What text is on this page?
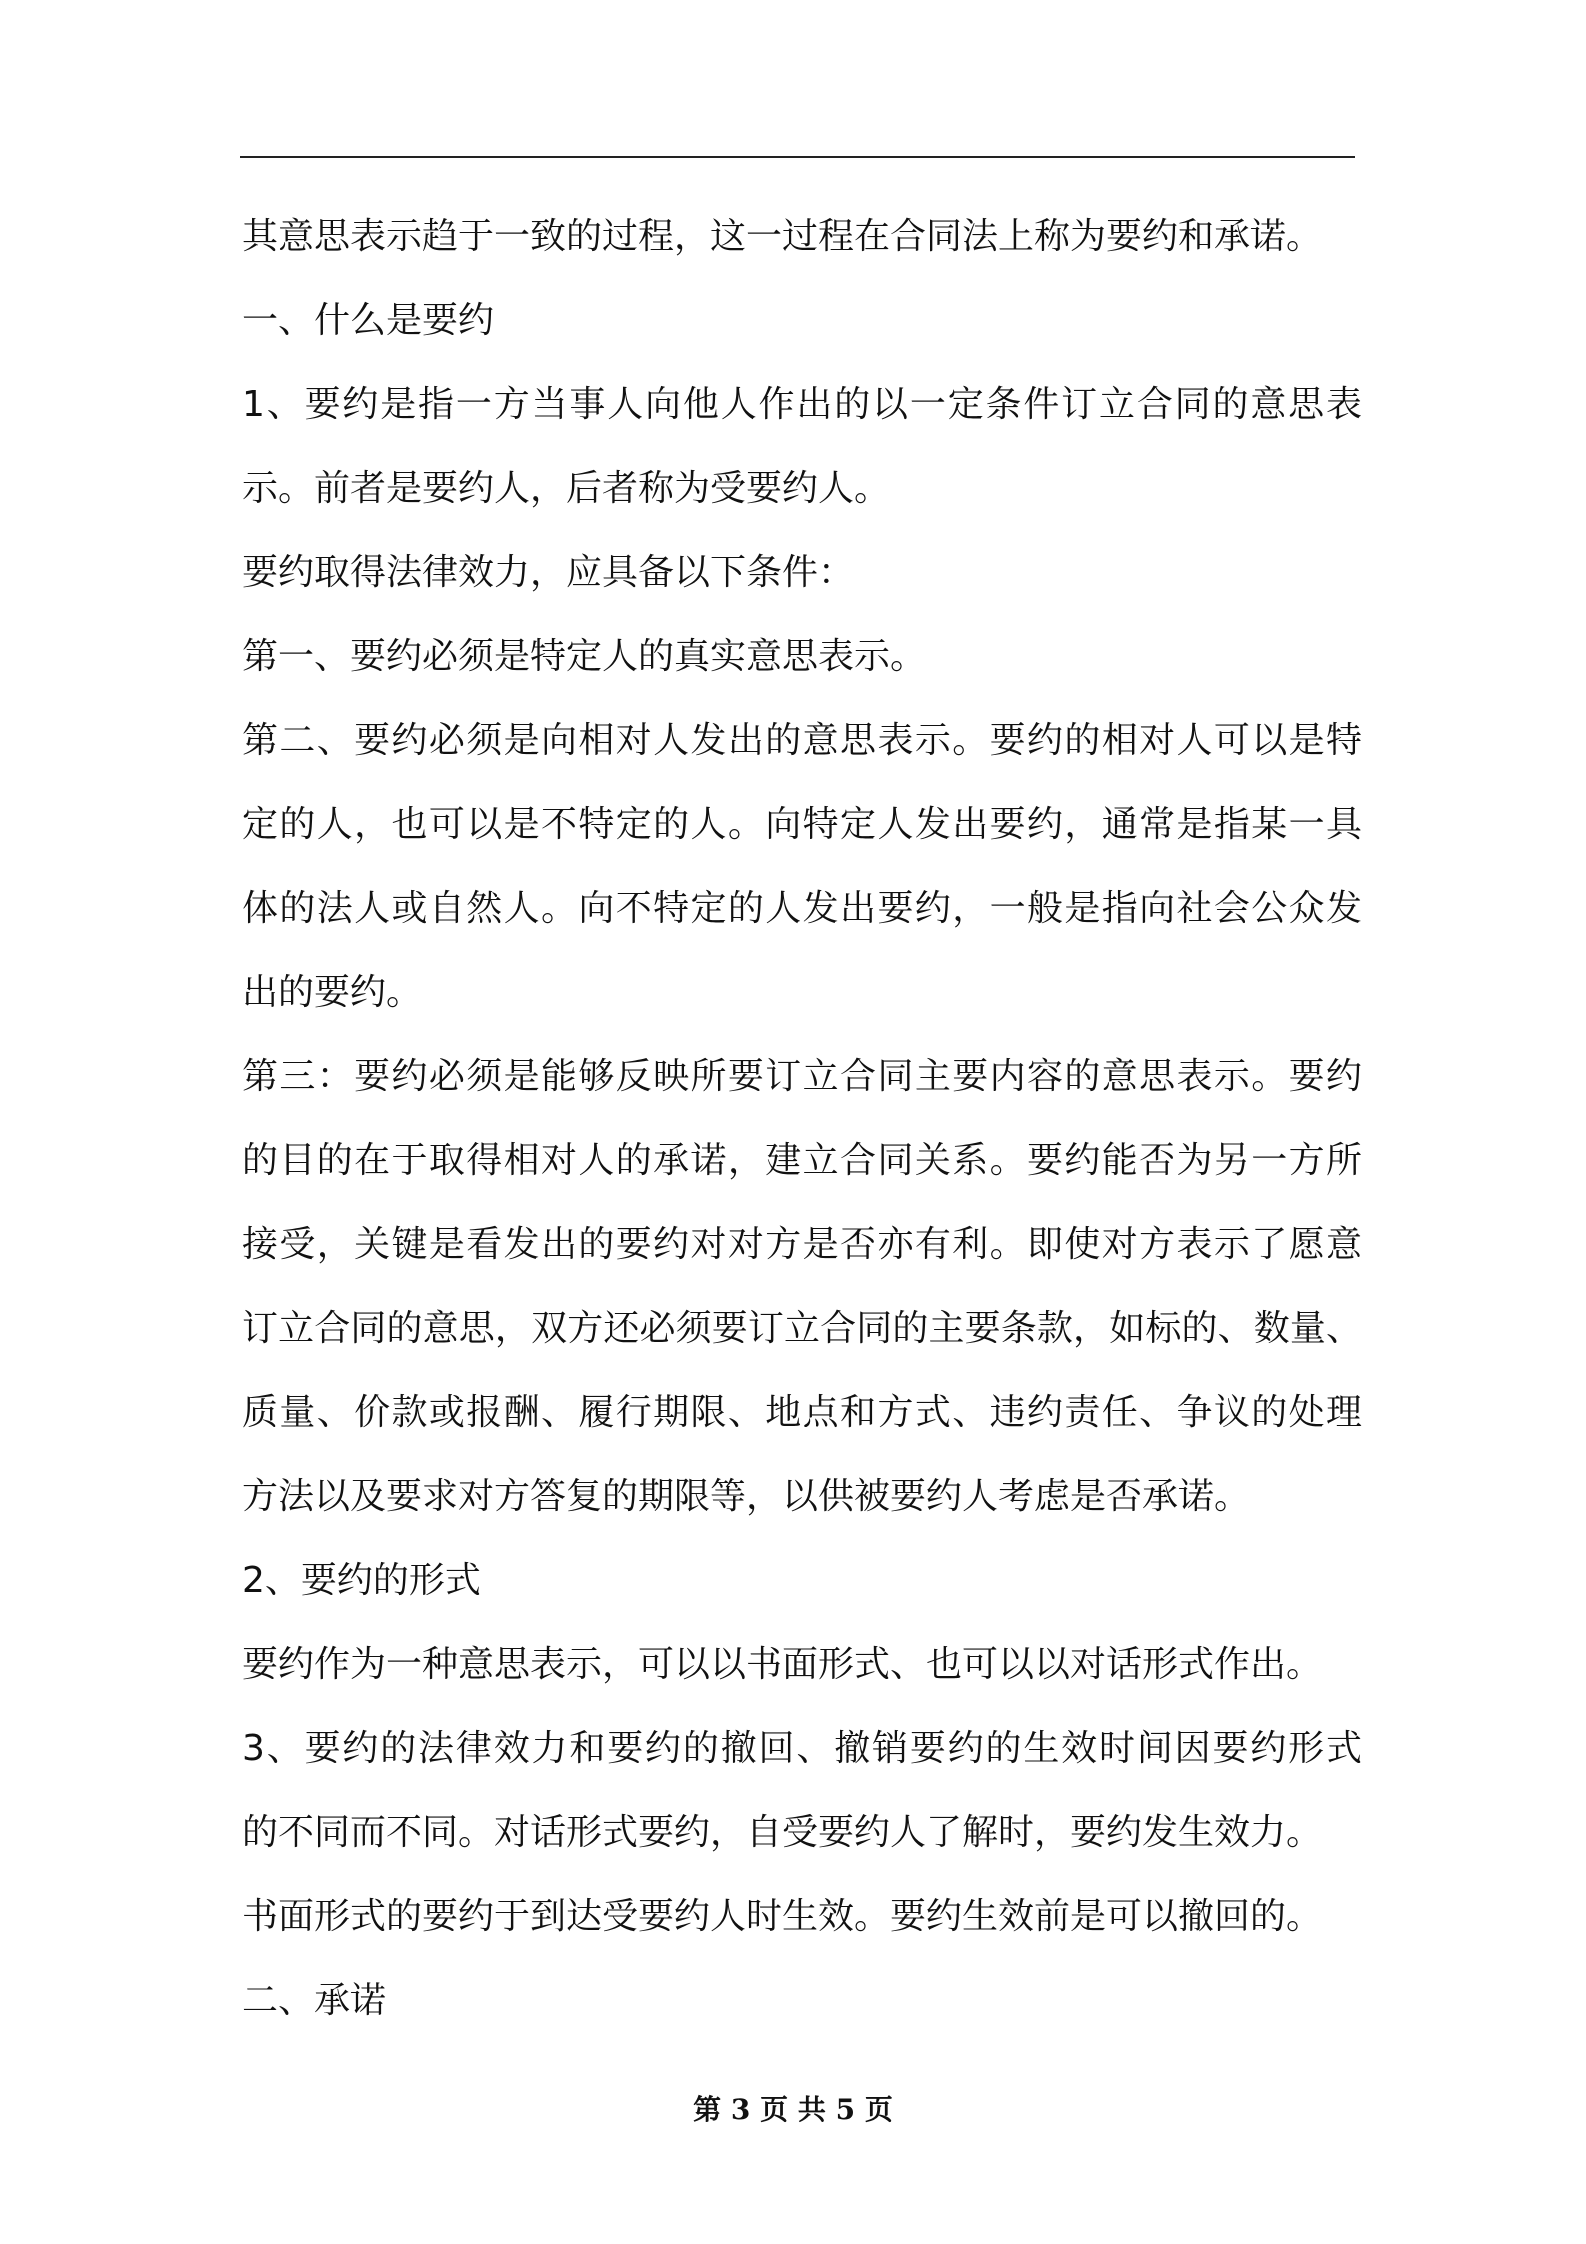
其意思表示趋于一致的过程，这一过程在合同法上称为要约和承诺。
一、什么是要约
1、要约是指一方当事人向他人作出的以一定条件订立合同的意思表
示。前者是要约人，后者称为受要约人。
要约取得法律效力，应具备以下条件：
第一、要约必须是特定人的真实意思表示。
第二、要约必须是向相对人发出的意思表示。要约的相对人可以是特
定的人，也可以是不特定的人。向特定人发出要约，通常是指某一具
体的法人或自然人。向不特定的人发出要约，一般是指向社会公众发
出的要约。
第三：要约必须是能够反映所要订立合同主要内容的意思表示。要约
的目的在于取得相对人的承诺，建立合同关系。要约能否为另一方所
接受，关键是看发出的要约对对方是否亦有利。即使对方表示了愿意
订立合同的意思，双方还必须要订立合同的主要条款，如标的、数量、
质量、价款或报酬、履行期限、地点和方式、违约责任、争议的处理
方法以及要求对方答复的期限等，以供被要约人考虑是否承诺。
2、要约的形式
要约作为一种意思表示，可以以书面形式、也可以以对话形式作出。
3、要约的法律效力和要约的撤回、撤销要约的生效时间因要约形式
的不同而不同。对话形式要约，自受要约人了解时，要约发生效力。
书面形式的要约于到达受要约人时生效。要约生效前是可以撤回的。
二、承诺
第 3 页 共 5 页
